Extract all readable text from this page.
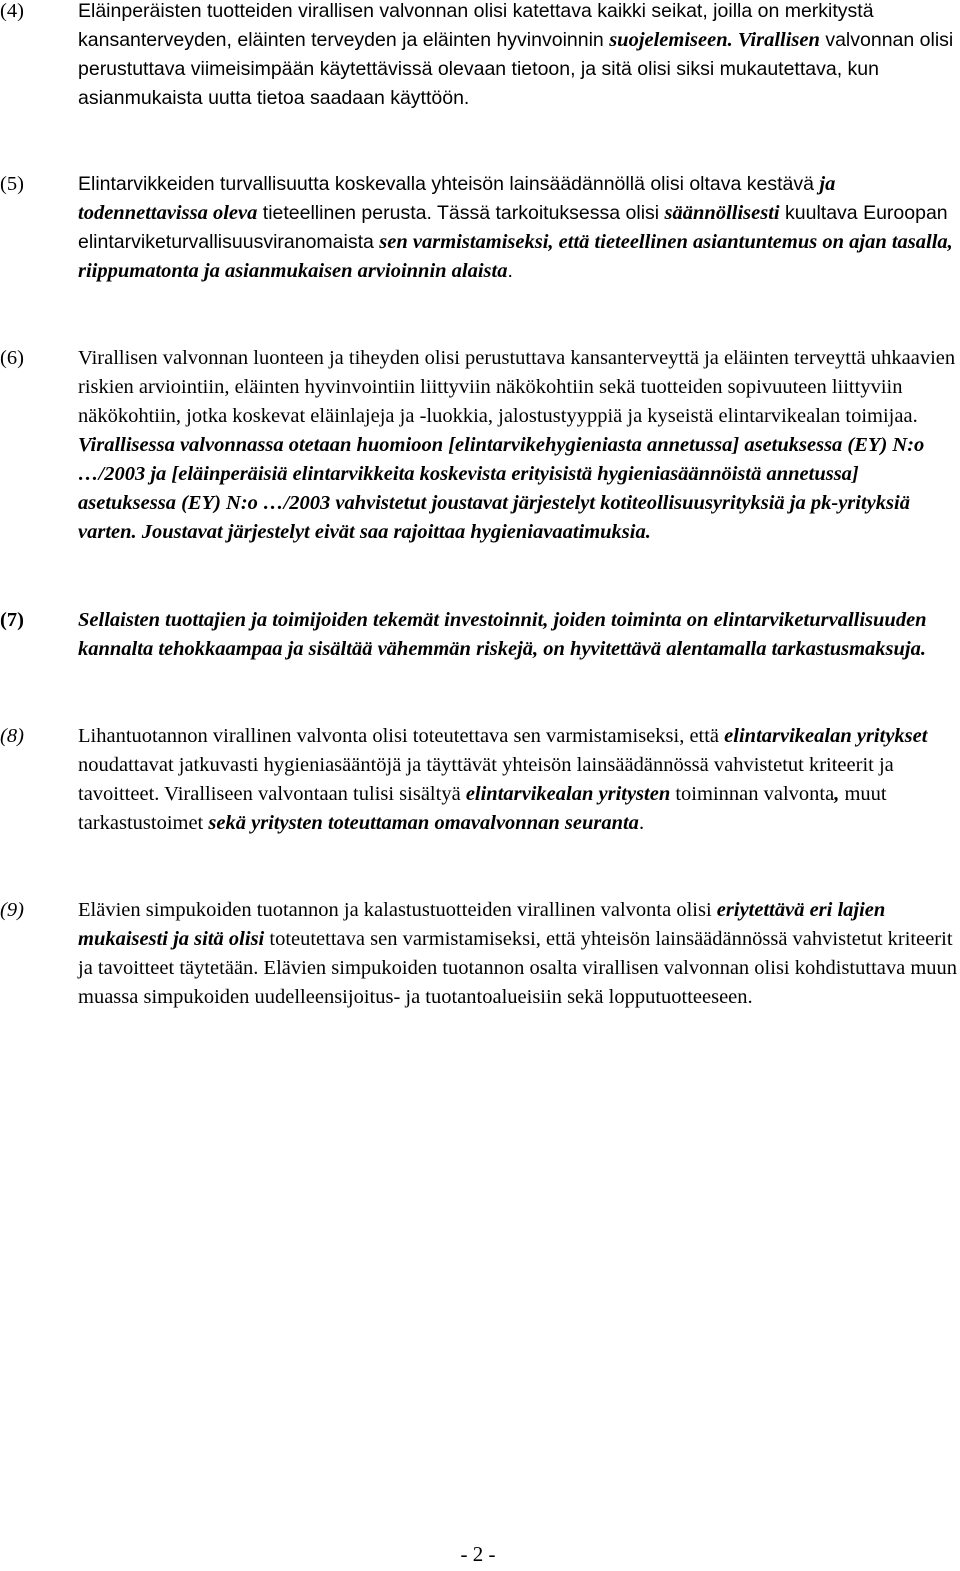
(4)	Eläinperäisten tuotteiden virallisen valvonnan olisi katettava kaikki seikat, joilla on merkitystä kansanterveyden, eläinten terveyden ja eläinten hyvinvoinnin suojelemiseen. Virallisen valvonnan olisi perustuttava viimeisimpään käytettävissä olevaan tietoon, ja sitä olisi siksi mukautettava, kun asianmukaista uutta tietoa saadaan käyttöön.
(5)	Elintarvikkeiden turvallisuutta koskevalla yhteisön lainsäädännöllä olisi oltava kestävä ja todennettavissa oleva tieteellinen perusta. Tässä tarkoituksessa olisi säännöllisesti kuultava Euroopan elintarviketurvallisuusviranomaista sen varmistamiseksi, että tieteellinen asiantuntemus on ajan tasalla, riippumatonta ja asianmukaisen arvioinnin alaista.
(6)	Virallisen valvonnan luonteen ja tiheyden olisi perustuttava kansanterveyttä ja eläinten terveyttä uhkaavien riskien arviointiin, eläinten hyvinvointiin liittyviin näkökohtiin sekä tuotteiden sopivuuteen liittyviin näkökohtiin, jotka koskevat eläinlajeja ja -luokkia, jalostustyyppiä ja kyseistä elintarvikealan toimijaa. Virallisessa valvonnassa otetaan huomioon [elintarvikehygieniasta annetussa] asetuksessa (EY) N:o …/2003 ja [eläinperäisiä elintarvikkeita koskevista erityisistä hygieniasäännöistä annetussa] asetuksessa (EY) N:o …/2003 vahvistetut joustavat järjestelyt kotiteollisuusyrityksiä ja pk-yrityksiä varten. Joustavat järjestelyt eivät saa rajoittaa hygieniavaatimuksia.
(7)	Sellaisten tuottajien ja toimijoiden tekemät investoinnit, joiden toiminta on elintarviketurvallisuuden kannalta tehokkaampaa ja sisältää vähemmän riskejä, on hyvitettävä alentamalla tarkastusmaksuja.
(8)	Lihantuotannon virallinen valvonta olisi toteutettava sen varmistamiseksi, että elintarvikealan yritykset noudattavat jatkuvasti hygieniasääntöjä ja täyttävät yhteisön lainsäädännössä vahvistetut kriteerit ja tavoitteet. Viralliseen valvontaan tulisi sisältyä elintarvikealan yritysten toiminnan valvonta, muut tarkastustoimet sekä yritysten toteuttaman omavalvonnan seuranta.
(9)	Elävien simpukoiden tuotannon ja kalastustuotteiden virallinen valvonta olisi eriytettävä eri lajien mukaisesti ja sitä olisi toteutettava sen varmistamiseksi, että yhteisön lainsäädännössä vahvistetut kriteerit ja tavoitteet täytetään. Elävien simpukoiden tuotannon osalta virallisen valvonnan olisi kohdistuttava muun muassa simpukoiden uudelleensijoitus- ja tuotantoalueisiin sekä lopputuotteeseen.
- 2 -
